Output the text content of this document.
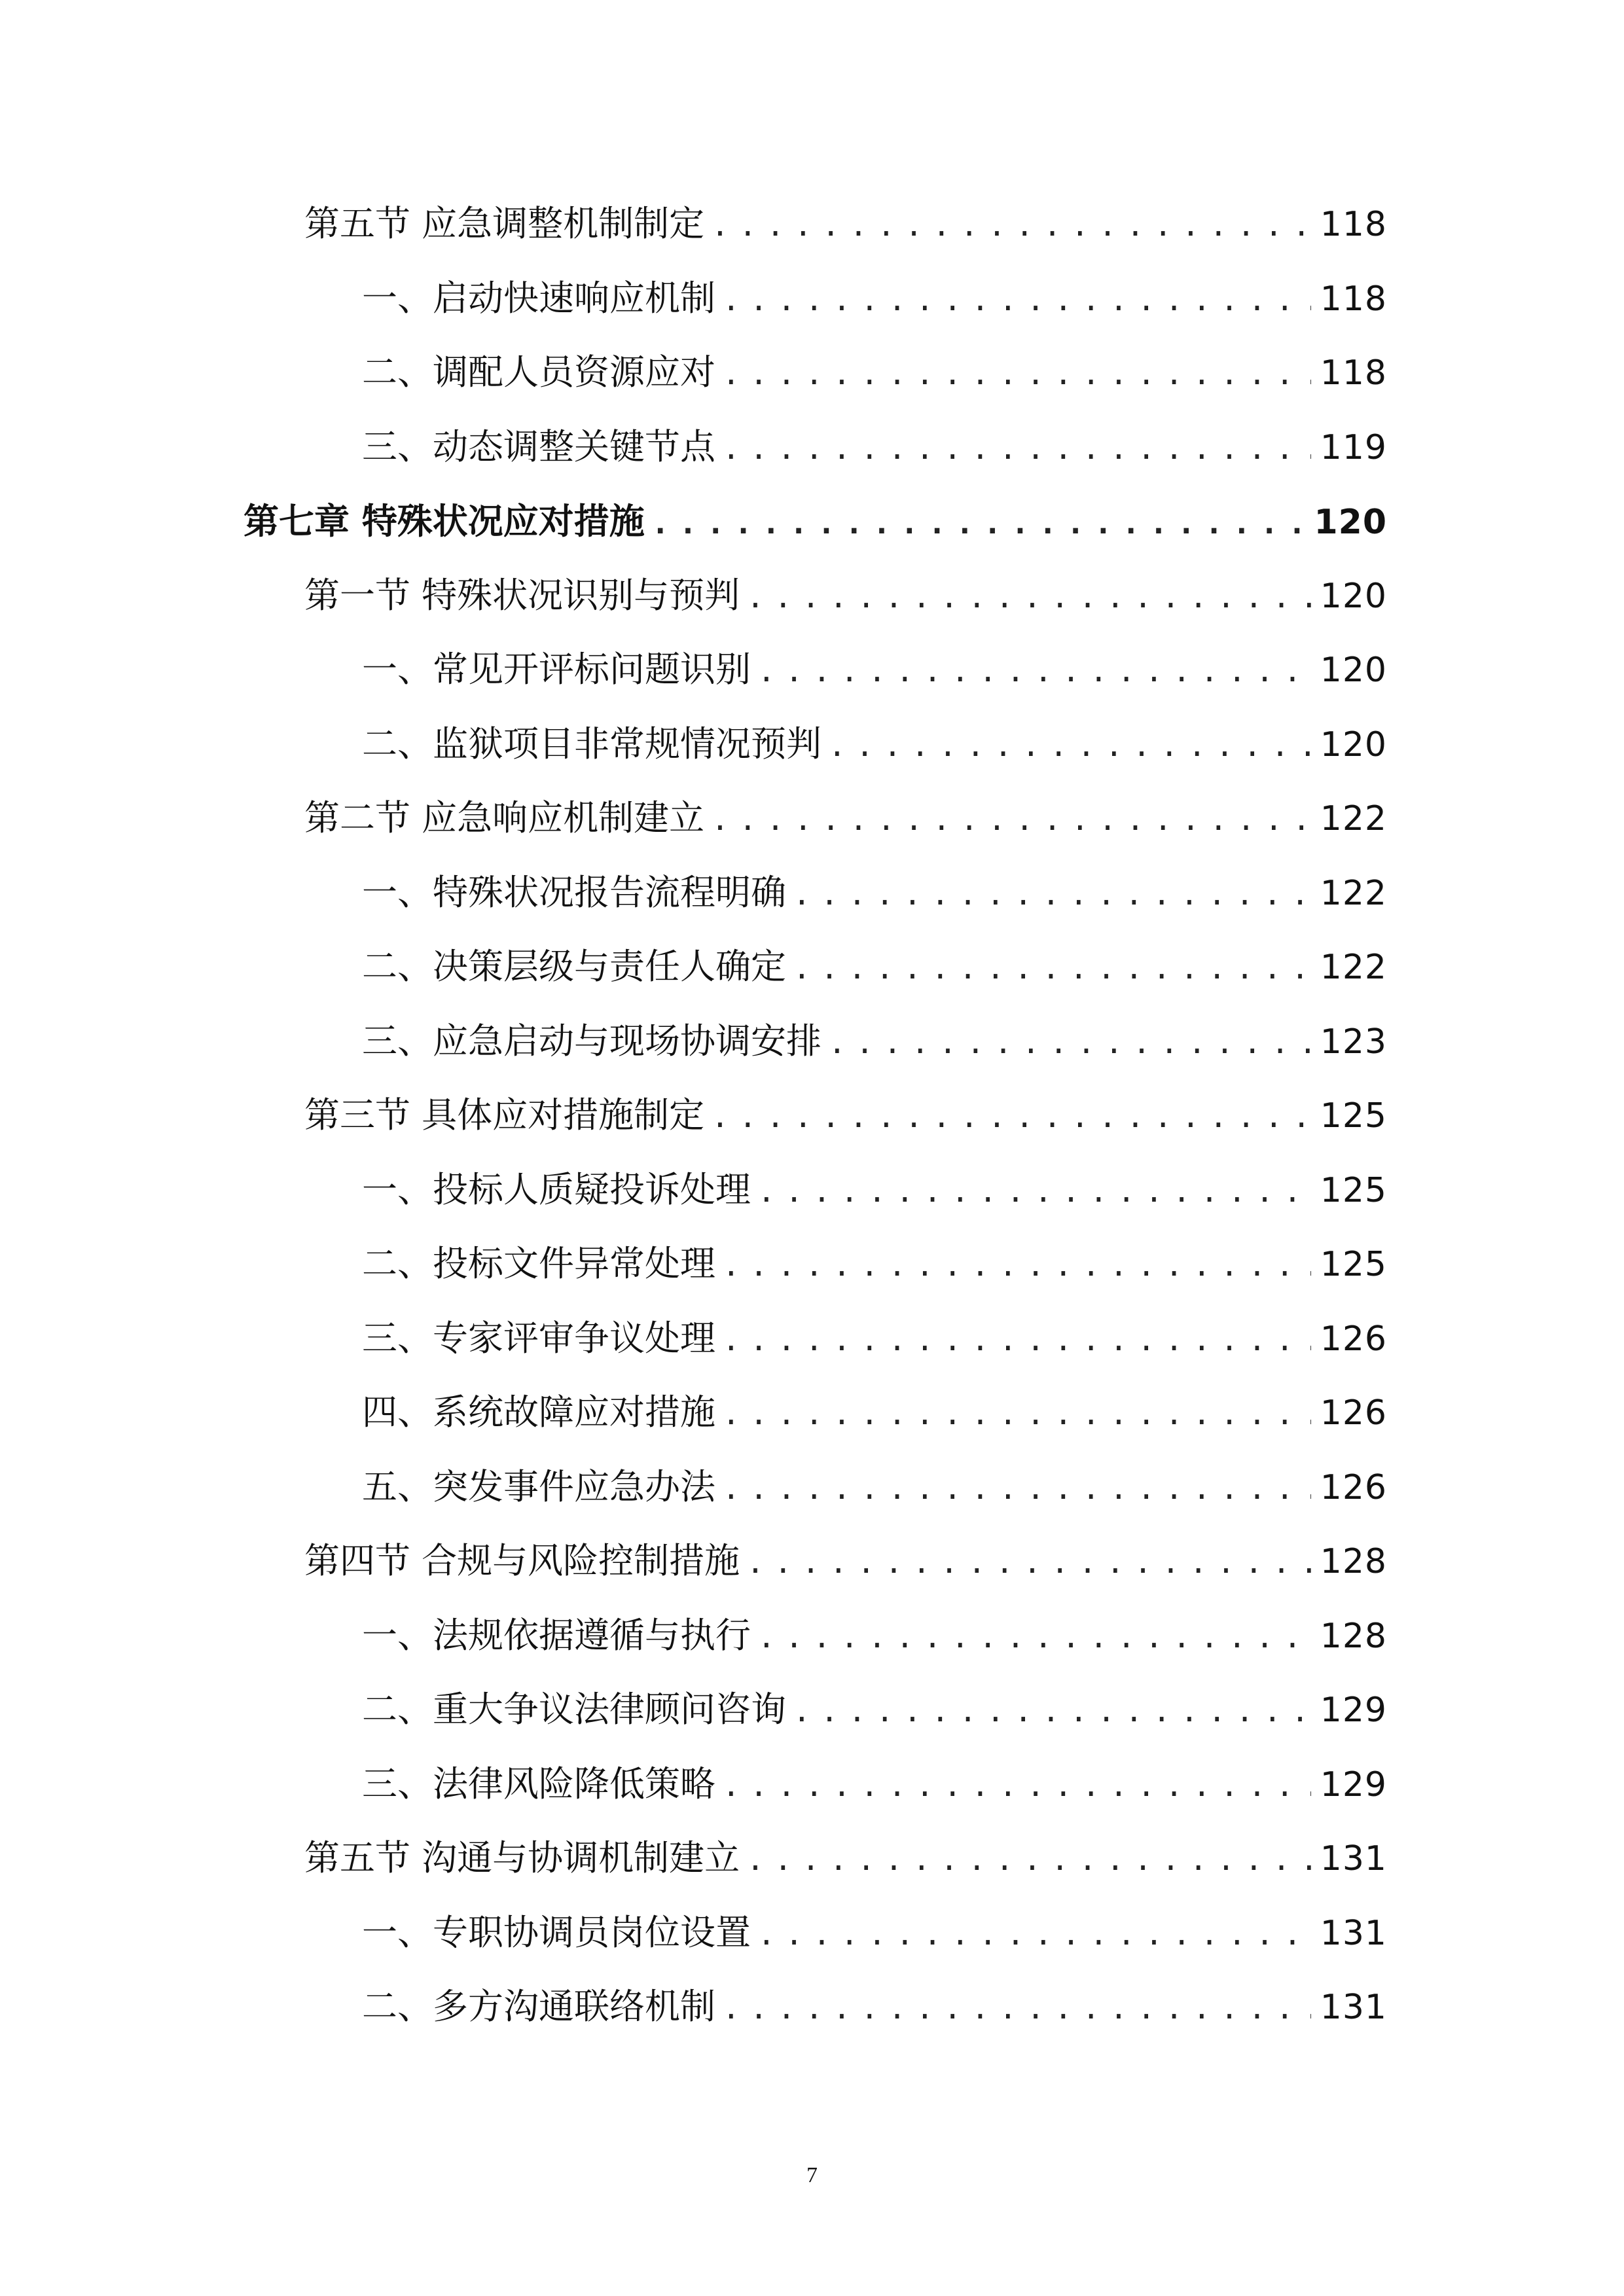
第五节 应急调整机制制定 .....	118
一、启动快速响应机制 .....	118
二、调配人员资源应对 .....	118
三、动态调整关键节点 .....	119
第七章 特殊状况应对措施 .....	120
第一节 特殊状况识别与预判 .....	120
一、常见开评标问题识别 .....	120
二、监狱项目非常规情况预判 .....	120
第二节 应急响应机制建立 .....	122
一、特殊状况报告流程明确 .....	122
二、决策层级与责任人确定 .....	122
三、应急启动与现场协调安排 .....	123
第三节 具体应对措施制定 .....	125
一、投标人质疑投诉处理 .....	125
二、投标文件异常处理 .....	125
三、专家评审争议处理 .....	126
四、系统故障应对措施 .....	126
五、突发事件应急办法 .....	126
第四节 合规与风险控制措施 .....	128
一、法规依据遵循与执行 .....	128
二、重大争议法律顾问咨询 .....	129
三、法律风险降低策略 .....	129
第五节 沟通与协调机制建立 .....	131
一、专职协调员岗位设置 .....	131
二、多方沟通联络机制 .....	131
7
